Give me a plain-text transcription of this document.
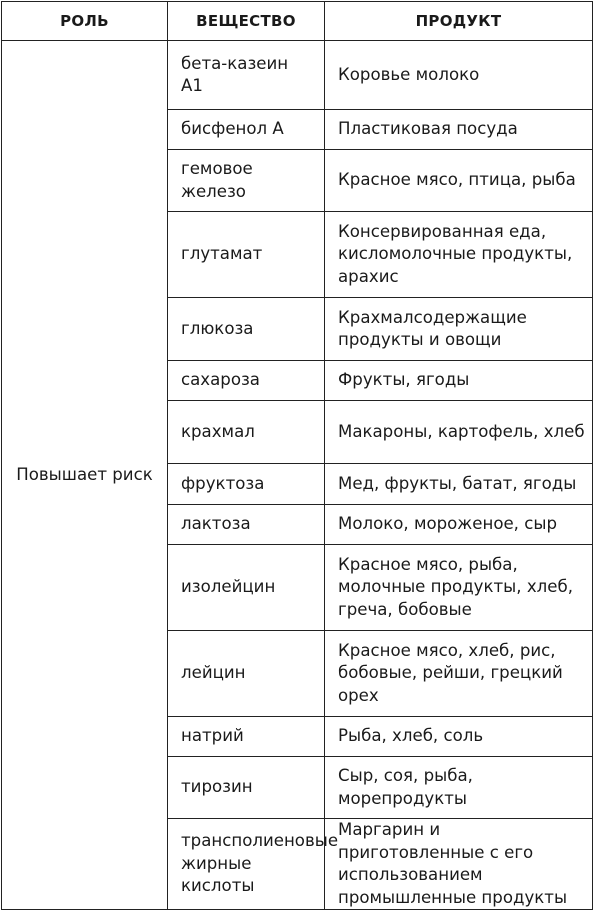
РОЛЬ	ВЕЩЕСТВО	ПРОДУКТ
Повышает риск	бета-казеин А1	Коровье молоко
	бисфенол А	Пластиковая посуда
	гемовое железо	Красное мясо, птица, рыба
	глутамат	Консервированная еда, кисломолочные продукты, арахис
	глюкоза	Крахмалсодержащие продукты и овощи
	сахароза	Фрукты, ягоды
	крахмал	Макароны, картофель, хлеб
	фруктоза	Мед, фрукты, батат, ягоды
	лактоза	Молоко, мороженое, сыр
	изолейцин	Красное мясо, рыба, молочные продукты, хлеб, греча, бобовые
	лейцин	Красное мясо, хлеб, рис, бобовые, рейши, грецкий орех
	натрий	Рыба, хлеб, соль
	тирозин	Сыр, соя, рыба, морепродукты
	трансполиеновые жирные кислоты	Маргарин и приготовленные с его использованием промышленные продукты
